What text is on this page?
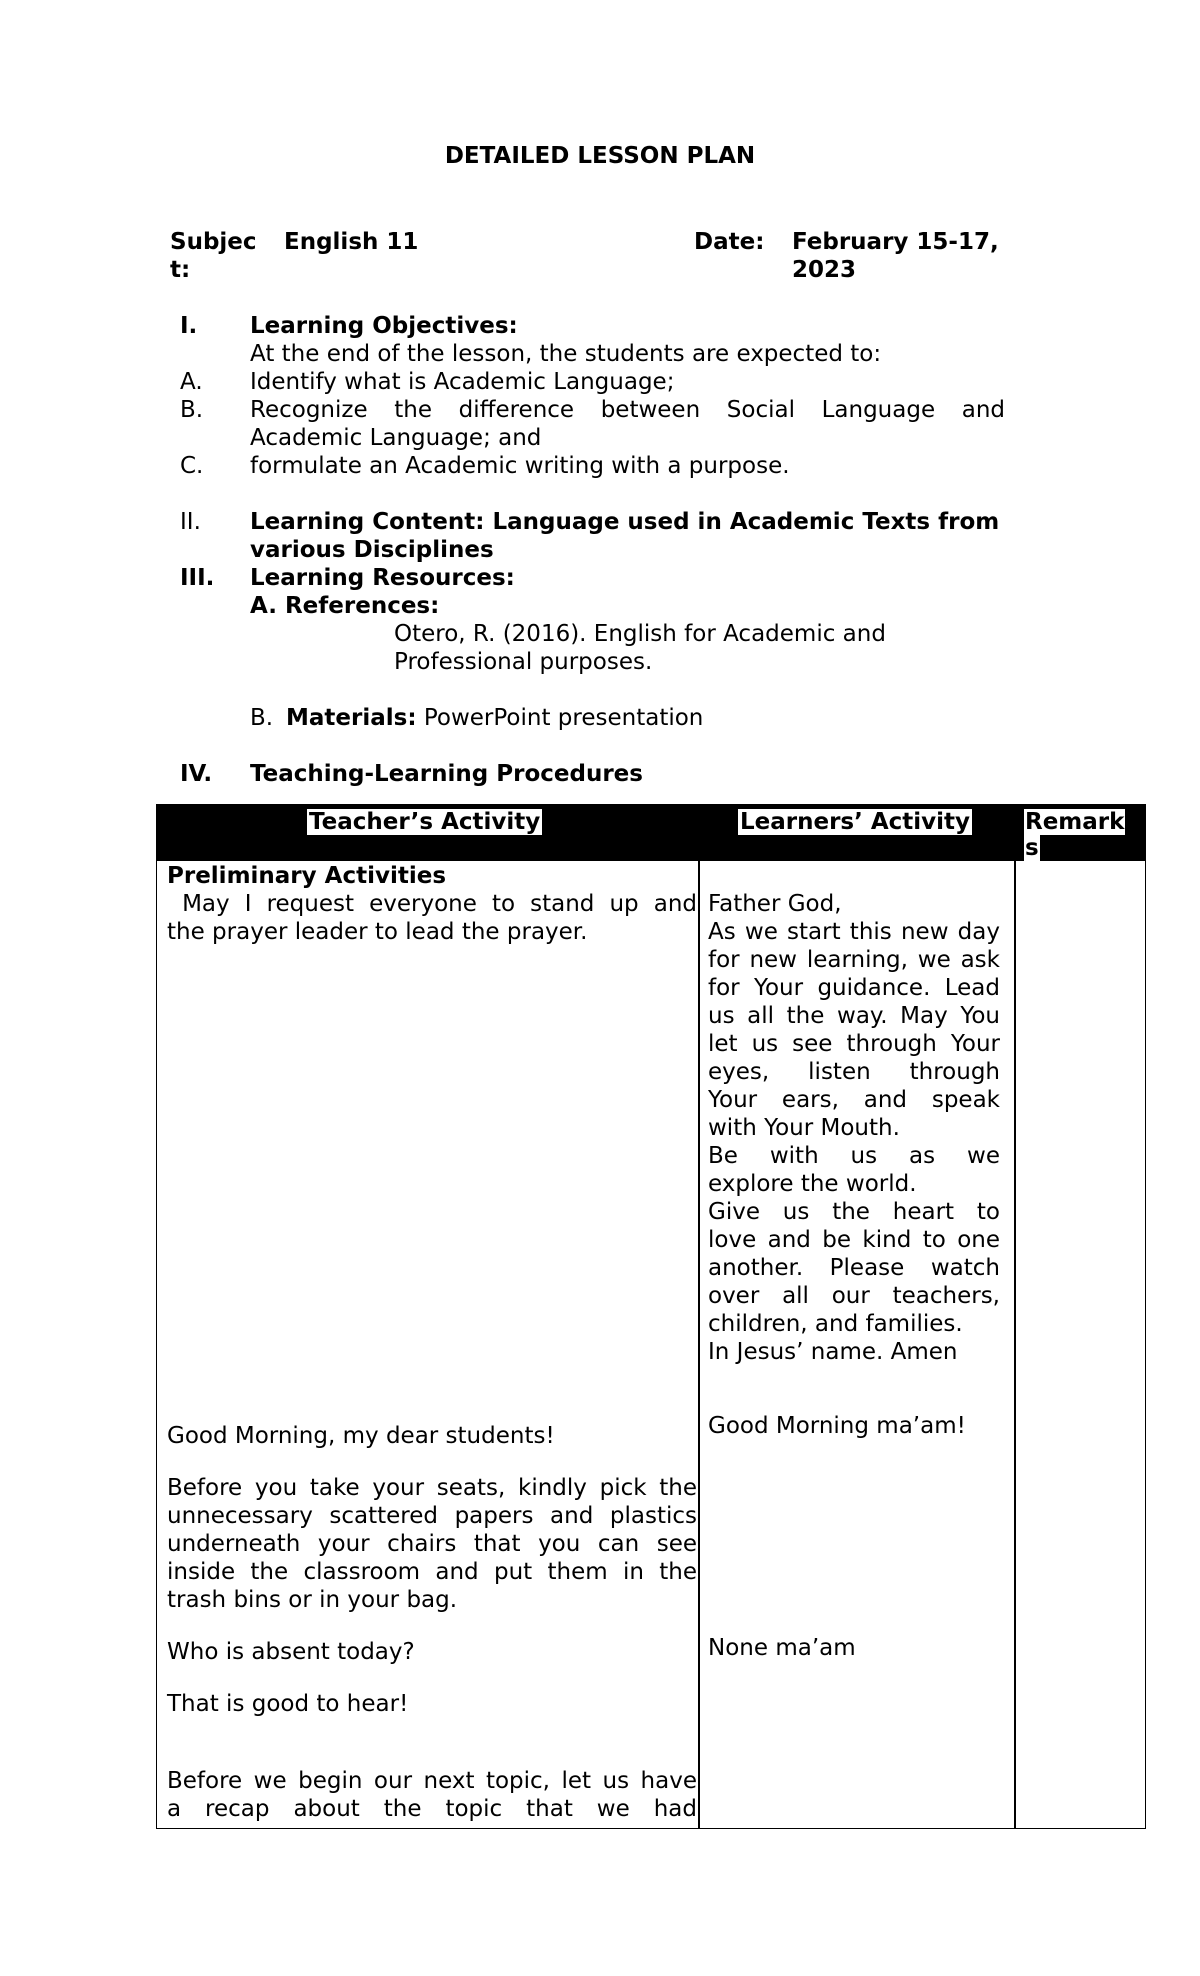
DETAILED LESSON PLAN
Subjec
t:
English 11	Date: February 15-17,
2023
I. Learning Objectives:
At the end of the lesson, the students are expected to:
A. Identify what is Academic Language;
B. Recognize the difference between Social Language and
Academic Language; and
C. formulate an Academic writing with a purpose.
II. Learning Content: Language used in Academic Texts from
various Disciplines
III. Learning Resources:
A. References:
Otero, R. (2016). English for Academic and
Professional purposes.
B. Materials: PowerPoint presentation
IV. Teaching-Learning Procedures
Teacher’s Activity	Learners’ Activity Remark
s
Preliminary Activities
May I request everyone to stand up and
the prayer leader to lead the prayer.
Good Morning, my dear students!
Before you take your seats, kindly pick the
unnecessary scattered papers and plastics
underneath your chairs that you can see
inside the classroom and put them in the
trash bins or in your bag.
Who is absent today?
That is good to hear!
Before we begin our next topic, let us have
a recap about the topic that we had
Father God,
As we start this new day
for new learning, we ask
for Your guidance. Lead
us all the way. May You
let us see through Your
eyes, listen through
Your ears, and speak
with Your Mouth.
Be with us as we
explore the world.
Give us the heart to
love and be kind to one
another. Please watch
over all our teachers,
children, and families.
In Jesus’ name. Amen
Good Morning ma’am!
None ma’am
